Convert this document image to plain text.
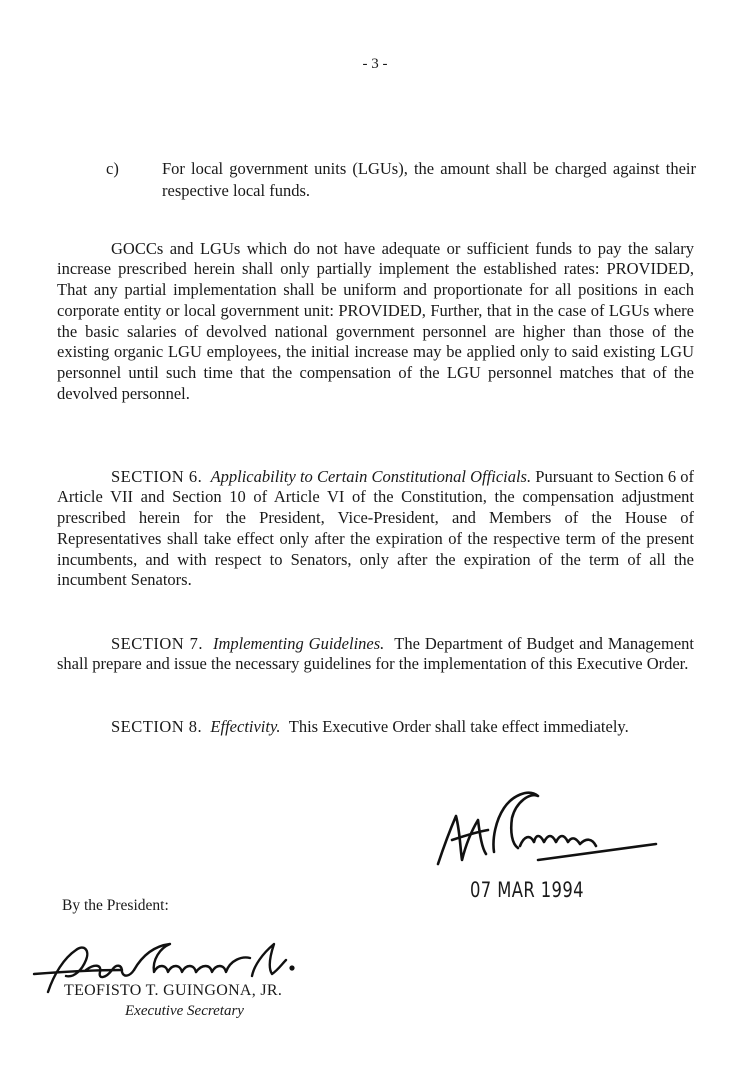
- 3 -
c)	For local government units (LGUs), the amount shall be charged against their respective local funds.

GOCCs and LGUs which do not have adequate or sufficient funds to pay the salary increase prescribed herein shall only partially implement the established rates: PROVIDED, That any partial implementation shall be uniform and proportionate for all positions in each corporate entity or local government unit: PROVIDED, Further, that in the case of LGUs where the basic salaries of devolved national government personnel are higher than those of the existing organic LGU employees, the initial increase may be applied only to said existing LGU personnel until such time that the compensation of the LGU personnel matches that of the devolved personnel.

SECTION 6. Applicability to Certain Constitutional Officials. Pursuant to Section 6 of Article VII and Section 10 of Article VI of the Constitution, the compensation adjustment prescribed herein for the President, Vice-President, and Members of the House of Representatives shall take effect only after the expiration of the respective term of the present incumbents, and with respect to Senators, only after the expiration of the term of all the incumbent Senators.

SECTION 7. Implementing Guidelines. The Department of Budget and Management shall prepare and issue the necessary guidelines for the implementation of this Executive Order.

SECTION 8. Effectivity. This Executive Order shall take effect immediately.

07 MAR 1994
By the President:
TEOFISTO T. GUINGONA, JR.
Executive Secretary
